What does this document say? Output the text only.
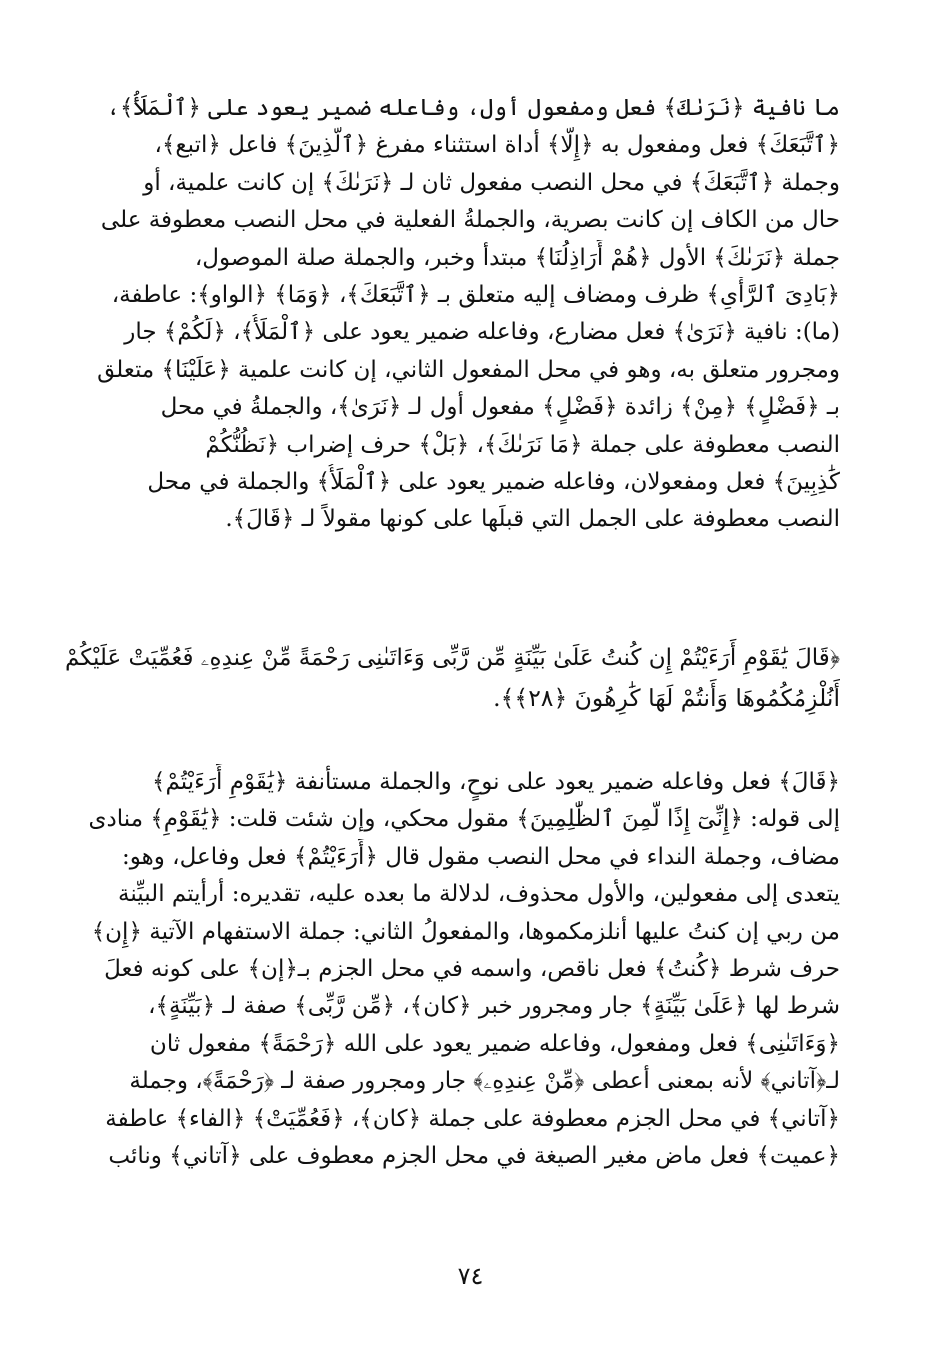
ما نافية ﴿نَرَىٰكَ﴾ فعل ومفعول أول، وفاعله ضمير يعود على ﴿ٱلْمَلَأُ﴾،
﴿ٱتَّبَعَكَ﴾ فعل ومفعول به ﴿إِلَّا﴾ أداة استثناء مفرغ ﴿ٱلَّذِينَ﴾ فاعل ﴿اتبع﴾،
وجملة ﴿ٱتَّبَعَكَ﴾ في محل النصب مفعول ثان لـ ﴿نَرَىٰكَ﴾ إن كانت علمية، أو
حال من الكاف إن كانت بصرية، والجملةُ الفعلية في محل النصب معطوفة على
جملة ﴿نَرَىٰكَ﴾ الأول ﴿هُمْ أَرَاذِلُنَا﴾ مبتدأ وخبر، والجملة صلة الموصول،
﴿بَادِىَ ٱلرَّأْىِ﴾ ظرف ومضاف إليه متعلق بـ ﴿ٱتَّبَعَكَ﴾، ﴿وَمَا﴾ ﴿الواو﴾: عاطفة،
(ما): نافية ﴿نَرَىٰ﴾ فعل مضارع، وفاعله ضمير يعود على ﴿ٱلْمَلَأُ﴾، ﴿لَكُمْ﴾ جار
ومجرور متعلق به، وهو في محل المفعول الثاني، إن كانت علمية ﴿عَلَيْنَا﴾ متعلق
بـ ﴿فَضْلٍ﴾ ﴿مِنْ﴾ زائدة ﴿فَضْلٍ﴾ مفعول أول لـ ﴿نَرَىٰ﴾، والجملةُ في محل
النصب معطوفة على جملة ﴿مَا نَرَىٰكَ﴾، ﴿بَلْ﴾ حرف إضراب ﴿نَظُنُّكُمْ
كَٰذِبِينَ﴾ فعل ومفعولان، وفاعله ضمير يعود على ﴿ٱلْمَلَأُ﴾ والجملة في محل
النصب معطوفة على الجمل التي قبلَها على كونها مقولاً لـ ﴿قَالَ﴾.
﴿قَالَ يَٰقَوْمِ أَرَءَيْتُمْ إِن كُنتُ عَلَىٰ بَيِّنَةٍ مِّن رَّبِّى وَءَاتَىٰنِى رَحْمَةً مِّنْ عِندِهِۦ فَعُمِّيَتْ عَلَيْكُمْ
أَنُلْزِمُكُمُوهَا وَأَنتُمْ لَهَا كَٰرِهُونَ ﴿٢٨﴾﴾.
﴿قَالَ﴾ فعل وفاعله ضمير يعود على نوحٍ، والجملة مستأنفة ﴿يَٰقَوْمِ أَرَءَيْتُمْ﴾
إلى قوله: ﴿إِنِّىٓ إِذًا لَّمِنَ ٱلظَّٰلِمِينَ﴾ مقول محكي، وإن شئت قلت: ﴿يَٰقَوْمِ﴾ منادى
مضاف، وجملة النداء في محل النصب مقول قال ﴿أَرَءَيْتُمْ﴾ فعل وفاعل، وهو:
يتعدى إلى مفعولين، والأول محذوف، لدلالة ما بعده عليه، تقديره: أرأيتم البيِّنة
من ربي إن كنتُ عليها أنلزمكموها، والمفعولُ الثاني: جملة الاستفهام الآتية ﴿إِن﴾
حرف شرط ﴿كُنتُ﴾ فعل ناقص، واسمه في محل الجزم بـ﴿إن﴾ على كونه فعلَ
شرط لها ﴿عَلَىٰ بَيِّنَةٍ﴾ جار ومجرور خبر ﴿كان﴾، ﴿مِّن رَّبِّى﴾ صفة لـ ﴿بَيِّنَةٍ﴾،
﴿وَءَاتَىٰنِى﴾ فعل ومفعول، وفاعله ضمير يعود على الله ﴿رَحْمَةً﴾ مفعول ثان
لـ﴿آتاني﴾ لأنه بمعنى أعطى ﴿مِّنْ عِندِهِۦ﴾ جار ومجرور صفة لـ ﴿رَحْمَةً﴾، وجملة
﴿آتاني﴾ في محل الجزم معطوفة على جملة ﴿كان﴾، ﴿فَعُمِّيَتْ﴾ ﴿الفاء﴾ عاطفة
﴿عميت﴾ فعل ماض مغير الصيغة في محل الجزم معطوف على ﴿آتاني﴾ ونائب
٧٤
